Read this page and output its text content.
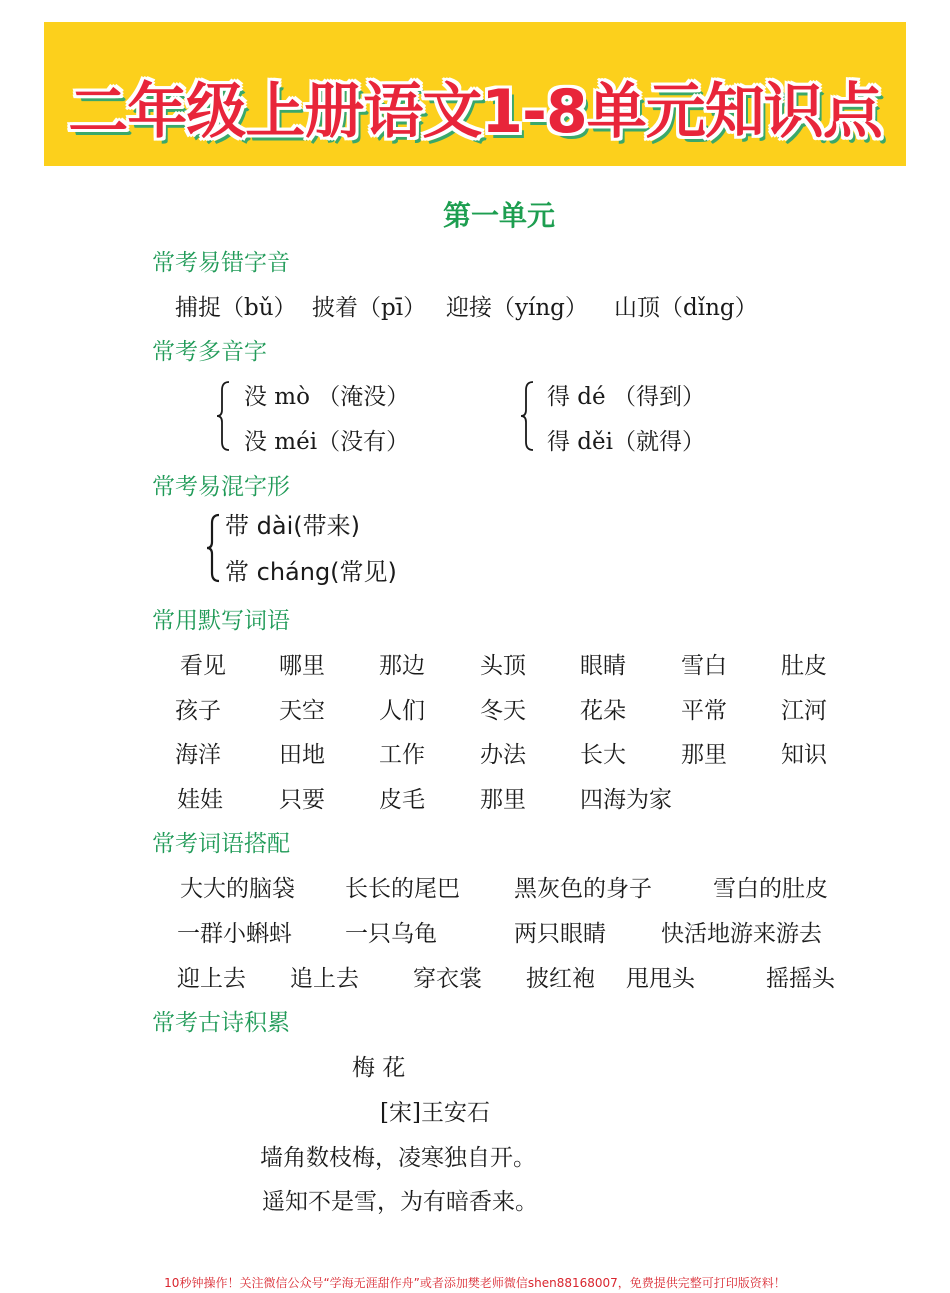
二年级上册语文1-8单元知识点
第一单元
常考易错字音
捕捉（bǔ） 披着（pī） 迎接（yíng） 山顶（dǐng）
常考多音字
没 mò （淹没）
没 méi（没有）
得 dé （得到）
得 děi（就得）
常考易混字形
带 dài(带来)
常 cháng(常见)
常用默写词语
看见 哪里 那边 头顶 眼睛 雪白 肚皮
孩子	天空 人们 冬天 花朵 平常 江河
海洋	田地 工作 办法 长大 那里 知识
娃娃 只要 皮毛 那里 四海为家
常考词语搭配
大大的脑袋 长长的尾巴 黑灰色的身子	雪白的肚皮
一群小蝌蚪 一只乌龟	两只眼睛 快活地游来游去
迎上去 追上去 穿衣裳 披红袍 甩甩头	摇摇头
常考古诗积累
梅 花
[宋]王安石
墙角数枝梅，凌寒独自开。
遥知不是雪，为有暗香来。
10秒钟操作！关注微信公众号“学海无涯甜作舟”或者添加樊老师微信shen88168007，免费提供完整可打印版资料！
